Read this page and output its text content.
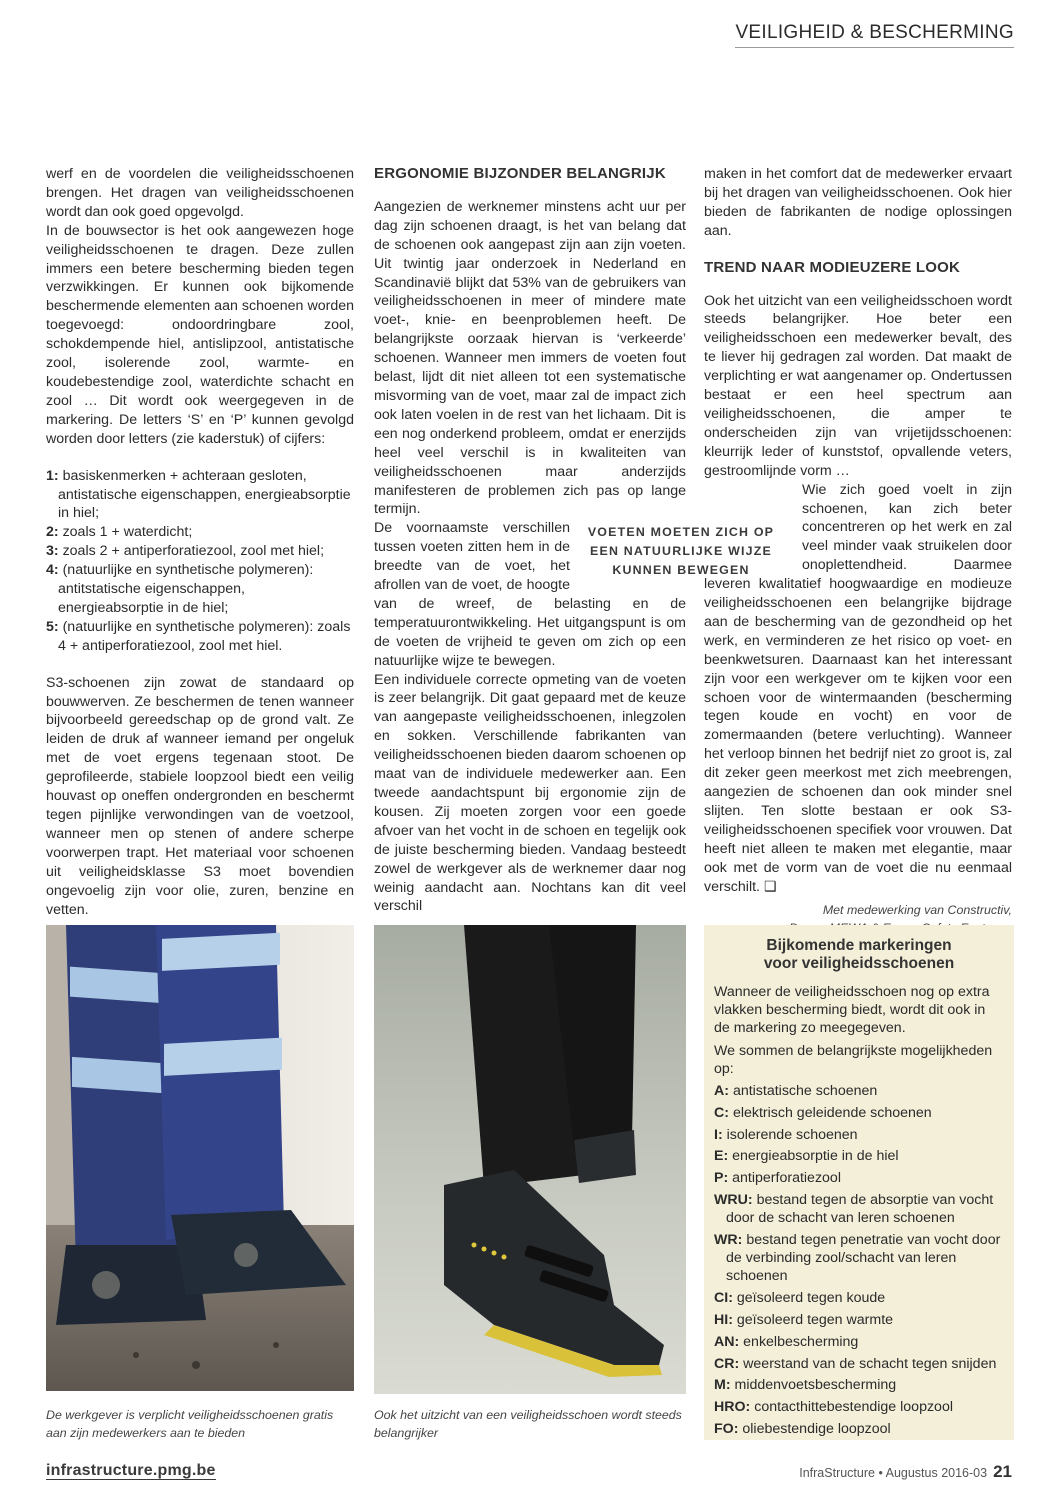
VEILIGHEID & BESCHERMING

werf en de voordelen die veiligheidsschoenen brengen. Het dragen van veiligheidsschoenen wordt dan ook goed opgevolgd.

In de bouwsector is het ook aangewezen hoge veiligheidsschoenen te dragen. Deze zullen immers een betere bescherming bieden tegen verzwikkingen. Er kunnen ook bijkomende beschermende elementen aan schoenen worden toegevoegd: ondoordringbare zool, schokdempende hiel, antislipzool, antistatische zool, isolerende zool, warmte- en koudebestendige zool, waterdichte schacht en zool … Dit wordt ook weergegeven in de markering. De letters ‘S’ en ‘P’ kunnen gevolgd worden door letters (zie kaderstuk) of cijfers:

1: basiskenmerken + achteraan gesloten, antistatische eigenschappen, energieabsorptie in hiel;
2: zoals 1 + waterdicht;
3: zoals 2 + antiperforatiezool, zool met hiel;
4: (natuurlijke en synthetische polymeren): antitstatische eigenschappen, energieabsorptie in de hiel;
5: (natuurlijke en synthetische polymeren): zoals 4 + antiperforatiezool, zool met hiel.

S3-schoenen zijn zowat de standaard op bouwwerven. Ze beschermen de tenen wanneer bijvoorbeeld gereedschap op de grond valt. Ze leiden de druk af wanneer iemand per ongeluk met de voet ergens tegenaan stoot. De geprofileerde, stabiele loopzool biedt een veilig houvast op oneffen ondergronden en beschermt tegen pijnlijke verwondingen van de voetzool, wanneer men op stenen of andere scherpe voorwerpen trapt. Het materiaal voor schoenen uit veiligheidsklasse S3 moet bovendien ongevoelig zijn voor olie, zuren, benzine en vetten.

ERGONOMIE BIJZONDER BELANGRIJK

Aangezien de werknemer minstens acht uur per dag zijn schoenen draagt, is het van belang dat de schoenen ook aangepast zijn aan zijn voeten. Uit twintig jaar onderzoek in Nederland en Scandinavië blijkt dat 53% van de gebruikers van veiligheidsschoenen in meer of mindere mate voet-, knie- en beenproblemen heeft. De belangrijkste oorzaak hiervan is ‘verkeerde’ schoenen. Wanneer men immers de voeten fout belast, lijdt dit niet alleen tot een systematische misvorming van de voet, maar zal de impact zich ook laten voelen in de rest van het lichaam. Dit is een nog onderkend probleem, omdat er enerzijds heel veel verschil is in kwaliteiten van veiligheidsschoenen maar anderzijds manifesteren de problemen zich pas op lange termijn.

VOETEN MOETEN ZICH OP EEN NATUURLIJKE WIJZE KUNNEN BEWEGEN

De voornaamste verschillen tussen voeten zitten hem in de breedte van de voet, het afrollen van de voet, de hoogte van de wreef, de belasting en de temperatuurontwikkeling. Het uitgangspunt is om de voeten de vrijheid te geven om zich op een natuurlijke wijze te bewegen.

Een individuele correcte opmeting van de voeten is zeer belangrijk. Dit gaat gepaard met de keuze van aangepaste veiligheidsschoenen, inlegzolen en sokken. Verschillende fabrikanten van veiligheidsschoenen bieden daarom schoenen op maat van de individuele medewerker aan. Een tweede aandachtspunt bij ergonomie zijn de kousen. Zij moeten zorgen voor een goede afvoer van het vocht in de schoen en tegelijk ook de juiste bescherming bieden. Vandaag besteedt zowel de werkgever als de werknemer daar nog weinig aandacht aan. Nochtans kan dit veel verschil

maken in het comfort dat de medewerker ervaart bij het dragen van veiligheidsschoenen. Ook hier bieden de fabrikanten de nodige oplossingen aan.

TREND NAAR MODIEUZERE LOOK

Ook het uitzicht van een veiligheidsschoen wordt steeds belangrijker. Hoe beter een veiligheidsschoen een medewerker bevalt, des te liever hij gedragen zal worden. Dat maakt de verplichting er wat aangenamer op. Ondertussen bestaat er een heel spectrum aan veiligheidsschoenen, die amper te onderscheiden zijn van vrijetijdsschoenen: kleurrijk leder of kunststof, opvallende veters, gestroomlijnde vorm …

Wie zich goed voelt in zijn schoenen, kan zich beter concentreren op het werk en zal veel minder vaak struikelen door onoplettendheid. Daarmee leveren kwalitatief hoogwaardige en modieuze veiligheidsschoenen een belangrijke bijdrage aan de bescherming van de gezondheid op het werk, en verminderen ze het risico op voet- en beenkwetsuren. Daarnaast kan het interessant zijn voor een werkgever om te kijken voor een schoen voor de wintermaanden (bescherming tegen koude en vocht) en voor de zomermaanden (betere verluchting). Wanneer het verloop binnen het bedrijf niet zo groot is, zal dit zeker geen meerkost met zich meebrengen, aangezien de schoenen dan ook minder snel slijten. Ten slotte bestaan er ook S3-veiligheidsschoenen specifiek voor vrouwen. Dat heeft niet alleen te maken met elegantie, maar ook met de vorm van de voet die nu eenmaal verschilt. ❑

Met medewerking van Constructiv,
De werkgever is verplicht veiligheidsschoenen gratis aan zijn medewerkers aan te bieden
Ook het uitzicht van een veiligheidsschoen wordt steeds belangrijker
Bijkomende markeringen
voor veiligheidsschoenen

Wanneer de veiligheidsschoen nog op extra vlakken bescherming biedt, wordt dit ook in de markering zo meegegeven.

We sommen de belangrijkste mogelijkheden op:

A: antistatische schoenen
C: elektrisch geleidende schoenen
I: isolerende schoenen
E: energieabsorptie in de hiel
P: antiperforatiezool
WRU: bestand tegen de absorptie van vocht door de schacht van leren schoenen
WR: bestand tegen penetratie van vocht door de verbinding zool/schacht van leren schoenen
CI: geïsoleerd tegen koude
HI: geïsoleerd tegen warmte
AN: enkelbescherming
CR: weerstand van de schacht tegen snijden
M: middenvoetsbescherming
HRO: contacthittebestendige loopzool
FO: oliebestendige loopzool
infrastructure.pmg.be	InfraStructure • Augustus 2016-03 21
